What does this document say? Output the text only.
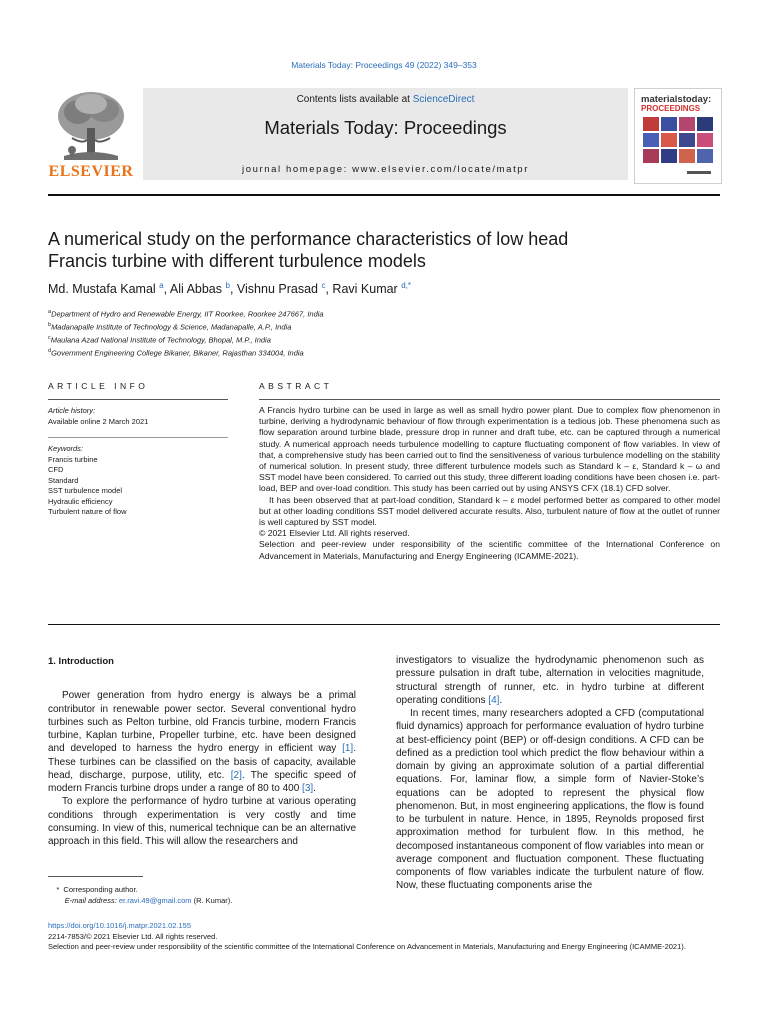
Materials Today: Proceedings 49 (2022) 349–353
ELSEVIER
Contents lists available at ScienceDirect
Materials Today: Proceedings
journal homepage: www.elsevier.com/locate/matpr
materialstoday:
PROCEEDINGS
A numerical study on the performance characteristics of low head
Francis turbine with different turbulence models
Md. Mustafa Kamal $^a$, Ali Abbas $^b$, Vishnu Prasad $^c$, Ravi Kumar $^{d,*}$
$^a$Department of Hydro and Renewable Energy, IIT Roorkee, Roorkee 247667, India
$^b$Madanapalle Institute of Technology & Science, Madanapalle, A.P., India
$^c$Maulana Azad National Institute of Technology, Bhopal, M.P., India
$^d$Government Engineering College Bikaner, Bikaner, Rajasthan 334004, India
ARTICLE INFO	ABSTRACT
Article history:
Available online 2 March 2021
Keywords:
Francis turbine
CFD
Standard
SST turbulence model
Hydraulic efficiency
Turbulent nature of flow

A Francis hydro turbine can be used in large as well as small hydro power plant. Due to complex flow phenomenon in turbine, deriving a hydrodynamic behaviour of flow through experimentation is a tedious job. These phenomena such as flow separation around turbine blade, pressure drop in runner and draft tube, etc. can be captured through a numerical study. A numerical approach needs turbulence modelling to capture fluctuating component of flow variables. In view of that, a comprehensive study has been carried out to find the sensitiveness of various turbulence modelling on the stability of numerical solution. In present study, three different turbulence models such as Standard k – ε, Standard k – ω and SST model have been considered. To carried out this study, three different loading conditions have been chosen i.e. part-load, BEP and over-load condition. This study has been carried out by using ANSYS CFX (18.1) CFD solver.

It has been observed that at part-load condition, Standard k – ε model performed better as compared to other model but at other loading conditions SST model delivered accurate results. Also, turbulent nature of flow at the outlet of runner is well captured by SST model.

© 2021 Elsevier Ltd. All rights reserved.

Selection and peer-review under responsibility of the scientific committee of the International Conference on Advancement in Materials, Manufacturing and Energy Engineering (ICAMME-2021).

1. Introduction

Power generation from hydro energy is always be a primal contributor in renewable power sector. Several conventional hydro turbines such as Pelton turbine, old Francis turbine, modern Francis turbine, Kaplan turbine, Propeller turbine, etc. have been designed and developed to harness the hydro energy in efficient way [1]. These turbines can be classified on the basis of capacity, available head, discharge, purpose, utility, etc. [2]. The specific speed of modern Francis turbine drops under a range of 80 to 400 [3].

To explore the performance of hydro turbine at various operating conditions through experimentation is very costly and time consuming. In view of this, numerical technique can be an alternative approach in this field. This will allow the researchers and

investigators to visualize the hydrodynamic phenomenon such as pressure pulsation in draft tube, alternation in velocities magnitude, structural strength of runner, etc. in hydro turbine at different operating conditions [4].

In recent times, many researchers adopted a CFD (computational fluid dynamics) approach for performance evaluation of hydro turbine at best-efficiency point (BEP) or off-design conditions. A CFD can be defined as a prediction tool which predict the flow behaviour within a domain by giving an approximate solution of a partial differential equations. For, laminar flow, a simple form of Navier-Stoke’s equations can be adopted to represent the physical flow phenomenon. But, in most engineering applications, the flow is found to be turbulent in nature. Hence, in 1895, Reynolds proposed first approximation method for turbulent flow. In this method, he decomposed instantaneous component of flow variables into mean or average component and fluctuation component. These fluctuating components of flow variables indicate the turbulent nature of flow. Now, these fluctuating components arise the

*  Corresponding author.
E-mail address: er.ravi.49@gmail.com (R. Kumar).
https://doi.org/10.1016/j.matpr.2021.02.155
2214-7853/© 2021 Elsevier Ltd. All rights reserved.
Selection and peer-review under responsibility of the scientific committee of the International Conference on Advancement in Materials, Manufacturing and Energy Engineering (ICAMME-2021).
